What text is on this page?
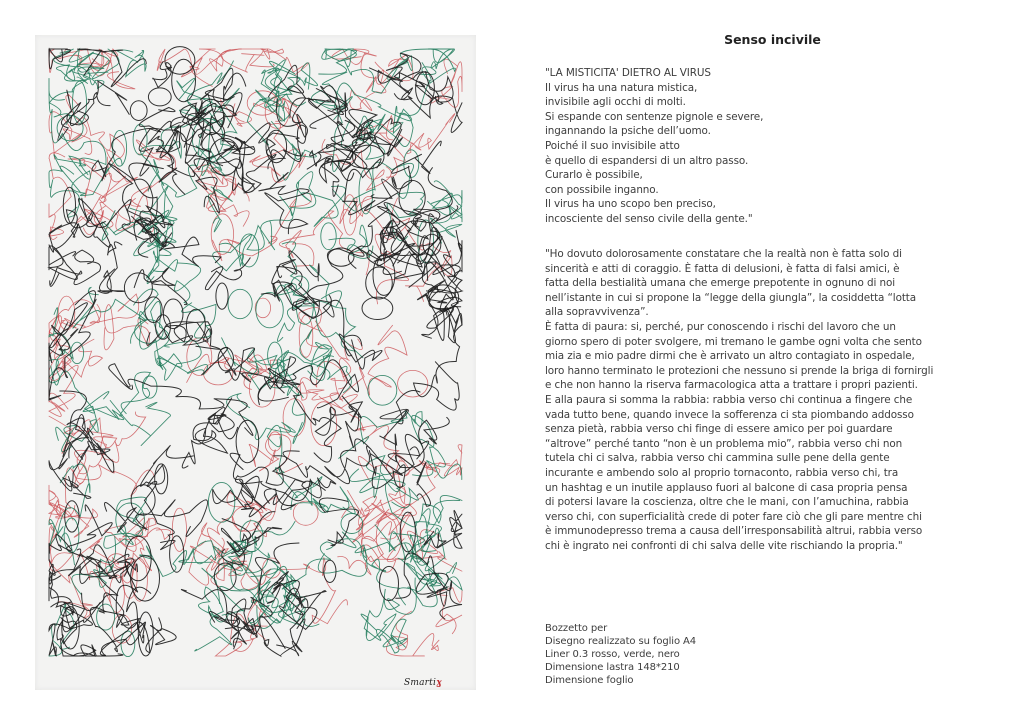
Smartiɣ
Senso incivile
"LA MISTICITA' DIETRO AL VIRUS
Il virus ha una natura mistica,
invisibile agli occhi di molti.
Si espande con sentenze pignole e severe,
ingannando la psiche dell’uomo.
Poiché il suo invisibile atto
è quello di espandersi di un altro passo.
Curarlo è possibile,
con possibile inganno.
Il virus ha uno scopo ben preciso,
incosciente del senso civile della gente."
"Ho dovuto dolorosamente constatare che la realtà non è fatta solo di
sincerità e atti di coraggio. È fatta di delusioni, è fatta di falsi amici, è
fatta della bestialità umana che emerge prepotente in ognuno di noi
nell’istante in cui si propone la “legge della giungla”, la cosiddetta “lotta
alla sopravvivenza”.
È fatta di paura: si, perché, pur conoscendo i rischi del lavoro che un
giorno spero di poter svolgere, mi tremano le gambe ogni volta che sento
mia zia e mio padre dirmi che è arrivato un altro contagiato in ospedale,
loro hanno terminato le protezioni che nessuno si prende la briga di fornirgli
e che non hanno la riserva farmacologica atta a trattare i propri pazienti.
E alla paura si somma la rabbia: rabbia verso chi continua a fingere che
vada tutto bene, quando invece la sofferenza ci sta piombando addosso
senza pietà, rabbia verso chi finge di essere amico per poi guardare
“altrove” perché tanto “non è un problema mio”, rabbia verso chi non
tutela chi ci salva, rabbia verso chi cammina sulle pene della gente
incurante e ambendo solo al proprio tornaconto, rabbia verso chi, tra
un hashtag e un inutile applauso fuori al balcone di casa propria pensa
di potersi lavare la coscienza, oltre che le mani, con l’amuchina, rabbia
verso chi, con superficialità crede di poter fare ciò che gli pare mentre chi
è immunodepresso trema a causa dell’irresponsabilità altrui, rabbia verso
chi è ingrato nei confronti di chi salva delle vite rischiando la propria."
Bozzetto per
Disegno realizzato su foglio A4
Liner 0.3 rosso, verde, nero
Dimensione lastra 148*210
Dimensione foglio
